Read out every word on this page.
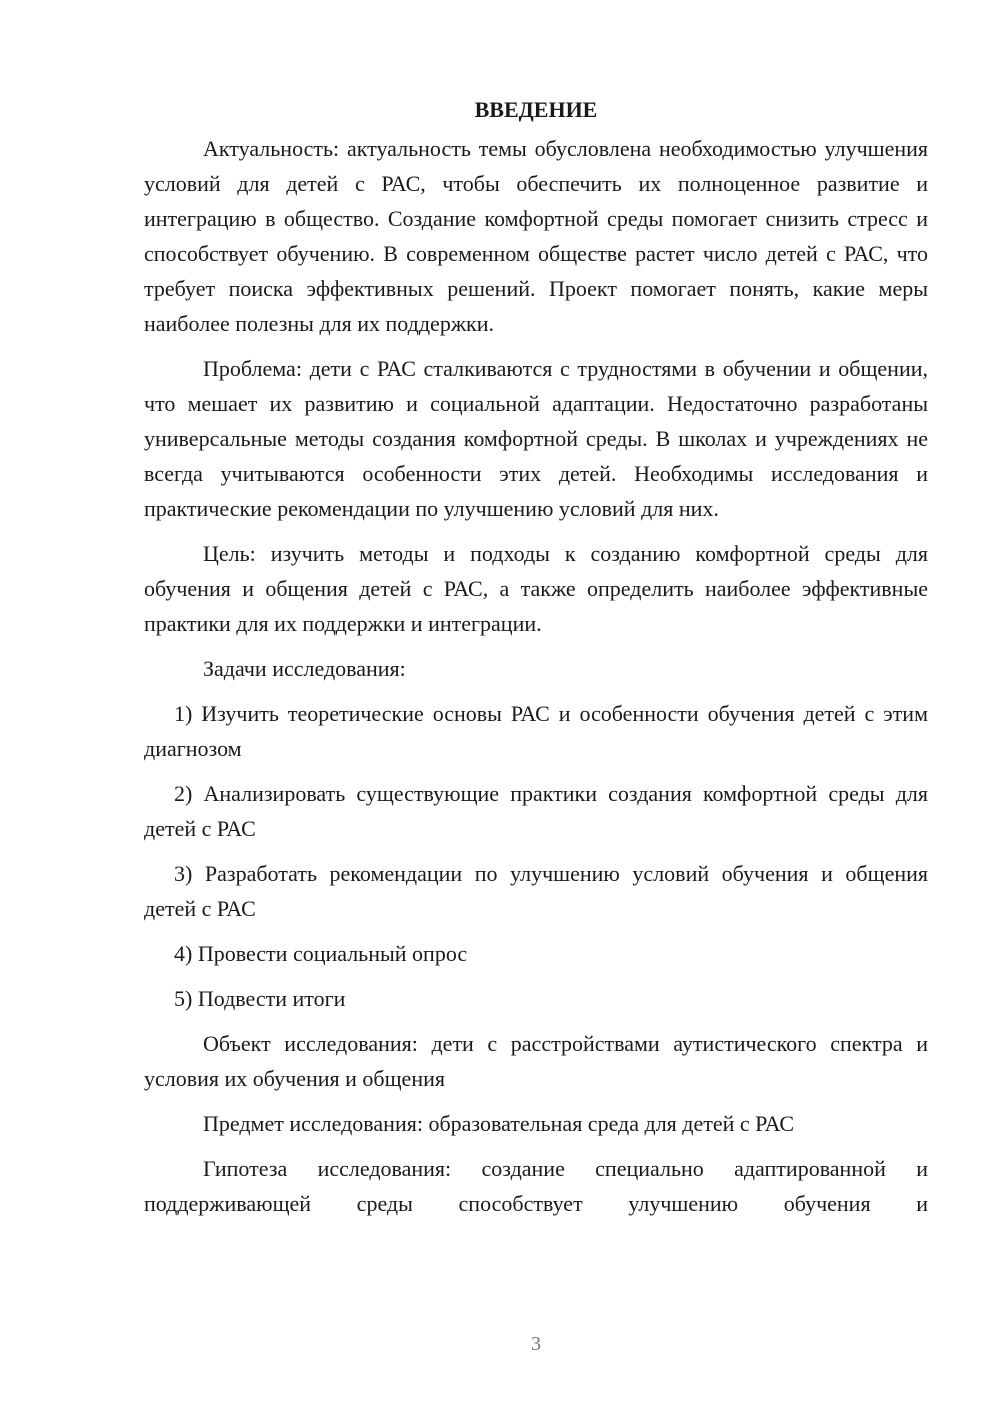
ВВЕДЕНИЕ

Актуальность: актуальность темы обусловлена необходимостью улучшения условий для детей с РАС, чтобы обеспечить их полноценное развитие и интеграцию в общество. Создание комфортной среды помогает снизить стресс и способствует обучению. В современном обществе растет число детей с РАС, что требует поиска эффективных решений. Проект помогает понять, какие меры наиболее полезны для их поддержки.

Проблема: дети с РАС сталкиваются с трудностями в обучении и общении, что мешает их развитию и социальной адаптации. Недостаточно разработаны универсальные методы создания комфортной среды. В школах и учреждениях не всегда учитываются особенности этих детей. Необходимы исследования и практические рекомендации по улучшению условий для них.

Цель: изучить методы и подходы к созданию комфортной среды для обучения и общения детей с РАС, а также определить наиболее эффективные практики для их поддержки и интеграции.

Задачи исследования:

1) Изучить теоретические основы РАС и особенности обучения детей с этим диагнозом

2) Анализировать существующие практики создания комфортной среды для детей с РАС

3) Разработать рекомендации по улучшению условий обучения и общения детей с РАС

4) Провести социальный опрос

5) Подвести итоги

Объект исследования: дети с расстройствами аутистического спектра и условия их обучения и общения

Предмет исследования: образовательная среда для детей с РАС

Гипотеза исследования: создание специально адаптированной и поддерживающей среды способствует улучшению обучения и

3
